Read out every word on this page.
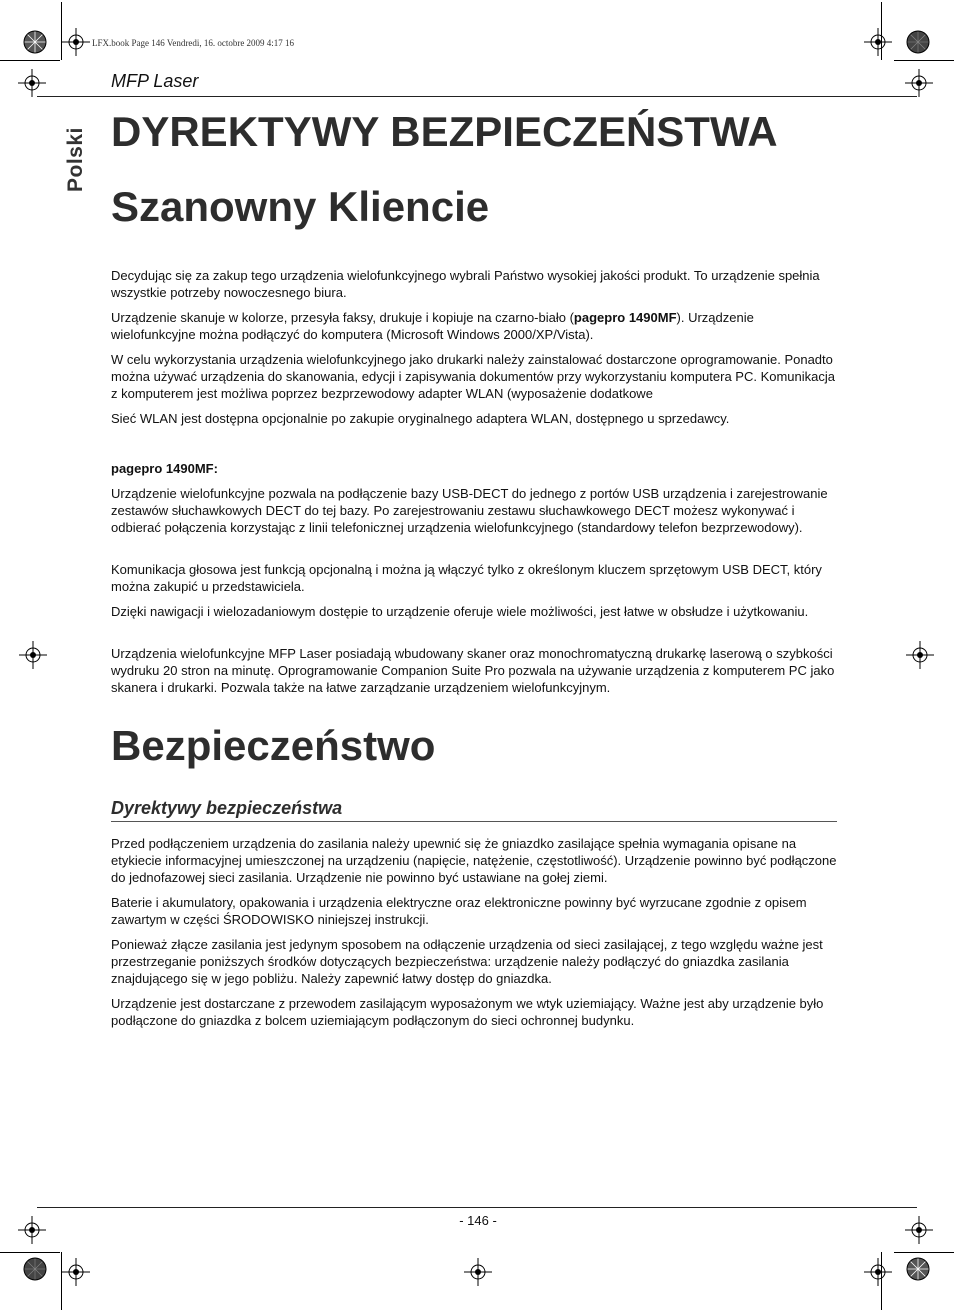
LFX.book Page 146 Vendredi, 16. octobre 2009 4:17 16
MFP Laser
Polski DYREKTYWY BEZPIECZEŃSTWA
Szanowny Kliencie

Decydując się za zakup tego urządzenia wielofunkcyjnego wybrali Państwo wysokiej jakości produkt. To urządzenie spełnia wszystkie potrzeby nowoczesnego biura.

Urządzenie skanuje w kolorze, przesyła faksy, drukuje i kopiuje na czarno-biało (pagepro 1490MF). Urządzenie wielofunkcyjne można podłączyć do komputera (Microsoft Windows 2000/XP/Vista).

W celu wykorzystania urządzenia wielofunkcyjnego jako drukarki należy zainstalować dostarczone oprogramowanie. Ponadto można używać urządzenia do skanowania, edycji i zapisywania dokumentów przy wykorzystaniu komputera PC. Komunikacja z komputerem jest możliwa poprzez bezprzewodowy adapter WLAN (wyposażenie dodatkowe

Sieć WLAN jest dostępna opcjonalnie po zakupie oryginalnego adaptera WLAN, dostępnego u sprzedawcy.

pagepro 1490MF:

Urządzenie wielofunkcyjne pozwala na podłączenie bazy USB-DECT do jednego z portów USB urządzenia i zarejestrowanie zestawów słuchawkowych DECT do tej bazy. Po zarejestrowaniu zestawu słuchawkowego DECT możesz wykonywać i odbierać połączenia korzystając z linii telefonicznej urządzenia wielofunkcyjnego (standardowy telefon bezprzewodowy).

Komunikacja głosowa jest funkcją opcjonalną i można ją włączyć tylko z określonym kluczem sprzętowym USB DECT, który można zakupić u przedstawiciela.

Dzięki nawigacji i wielozadaniowym dostępie to urządzenie oferuje wiele możliwości, jest łatwe w obsłudze i użytkowaniu.

Urządzenia wielofunkcyjne MFP Laser posiadają wbudowany skaner oraz monochromatyczną drukarkę laserową o szybkości wydruku 20 stron na minutę. Oprogramowanie Companion Suite Pro pozwala na używanie urządzenia z komputerem PC jako skanera i drukarki. Pozwala także na łatwe zarządzanie urządzeniem wielofunkcyjnym.

Bezpieczeństwo
Dyrektywy bezpieczeństwa

Przed podłączeniem urządzenia do zasilania należy upewnić się że gniazdko zasilające spełnia wymagania opisane na etykiecie informacyjnej umieszczonej na urządzeniu (napięcie, natężenie, częstotliwość). Urządzenie powinno być podłączone do jednofazowej sieci zasilania. Urządzenie nie powinno być ustawiane na gołej ziemi.

Baterie i akumulatory, opakowania i urządzenia elektryczne oraz elektroniczne powinny być wyrzucane zgodnie z opisem zawartym w części ŚRODOWISKO niniejszej instrukcji.

Ponieważ złącze zasilania jest jedynym sposobem na odłączenie urządzenia od sieci zasilającej, z tego względu ważne jest przestrzeganie poniższych środków dotyczących bezpieczeństwa: urządzenie należy podłączyć do gniazdka zasilania znajdującego się w jego pobliżu. Należy zapewnić łatwy dostęp do gniazdka.

Urządzenie jest dostarczane z przewodem zasilającym wyposażonym we wtyk uziemiający. Ważne jest aby urządzenie było podłączone do gniazdka z bolcem uziemiającym podłączonym do sieci ochronnej budynku.

- 146 -
